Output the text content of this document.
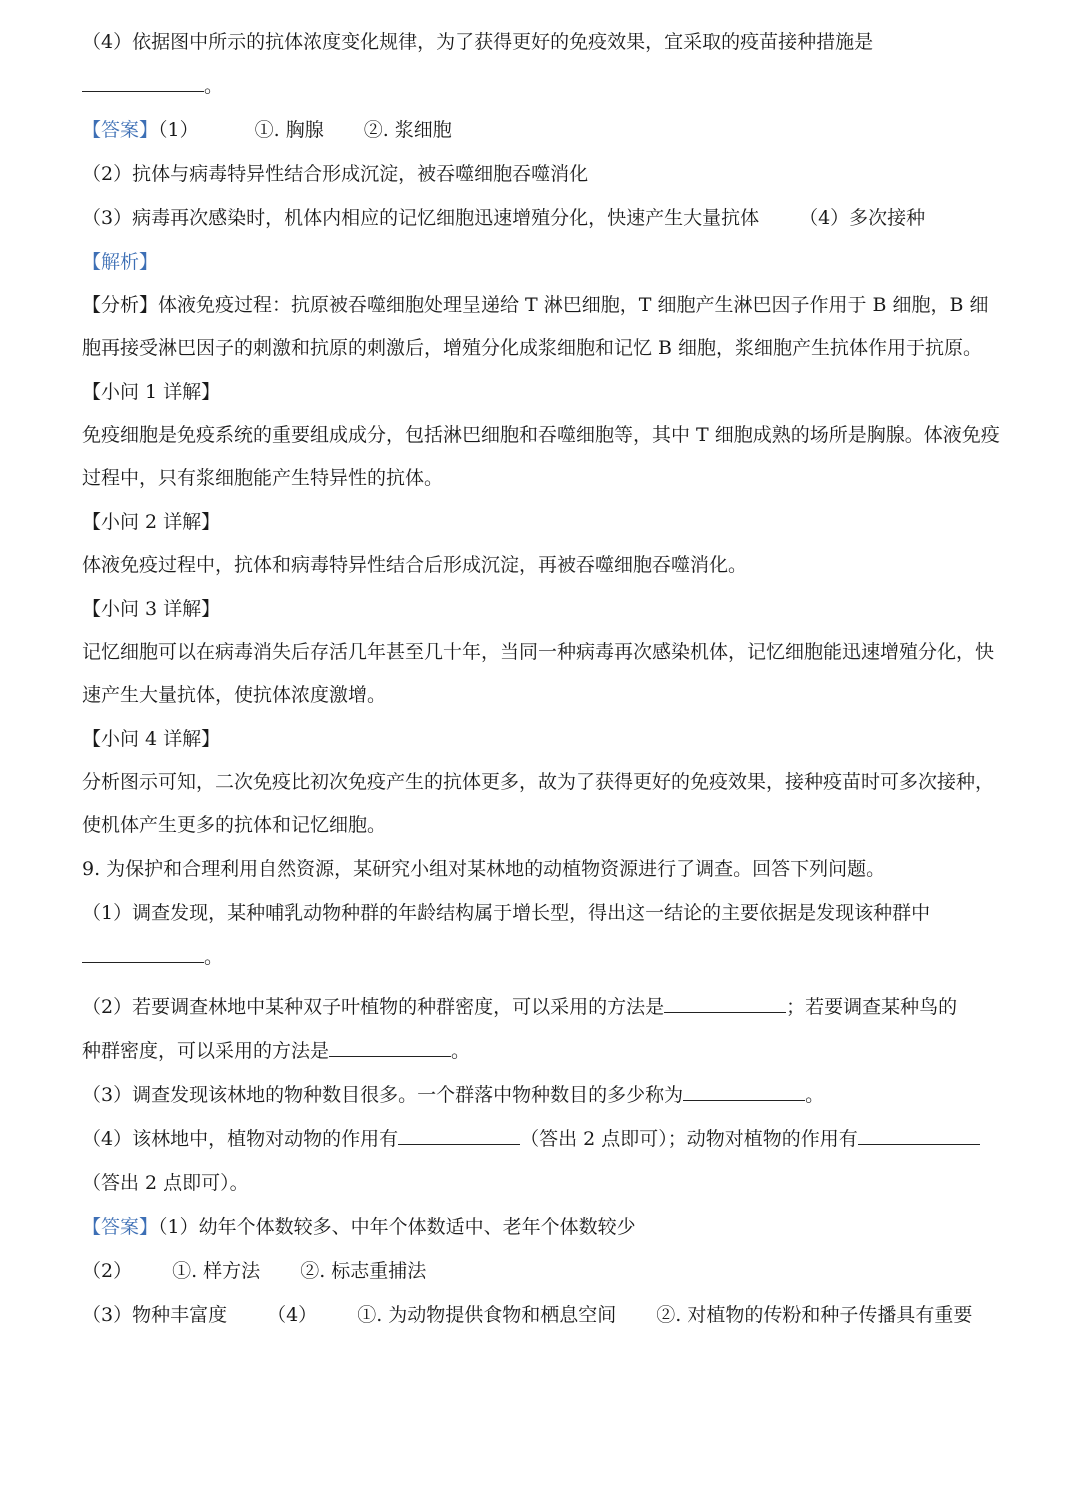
（4）依据图中所示的抗体浓度变化规律，为了获得更好的免疫效果，宜采取的疫苗接种措施是
。
【答案】（1）	①. 胸腺 ②. 浆细胞
（2）抗体与病毒特异性结合形成沉淀，被吞噬细胞吞噬消化
（3）病毒再次感染时，机体内相应的记忆细胞迅速增殖分化，快速产生大量抗体 （4）多次接种
【解析】
【分析】体液免疫过程：抗原被吞噬细胞处理呈递给 T 淋巴细胞，T 细胞产生淋巴因子作用于 B 细胞，B 细胞再接受淋巴因子的刺激和抗原的刺激后，增殖分化成浆细胞和记忆 B 细胞，浆细胞产生抗体作用于抗原。
【小问 1 详解】
免疫细胞是免疫系统的重要组成成分，包括淋巴细胞和吞噬细胞等，其中 T 细胞成熟的场所是胸腺。体液免疫过程中，只有浆细胞能产生特异性的抗体。
【小问 2 详解】
体液免疫过程中，抗体和病毒特异性结合后形成沉淀，再被吞噬细胞吞噬消化。
【小问 3 详解】
记忆细胞可以在病毒消失后存活几年甚至几十年，当同一种病毒再次感染机体，记忆细胞能迅速增殖分化，快速产生大量抗体，使抗体浓度激增。
【小问 4 详解】
分析图示可知，二次免疫比初次免疫产生的抗体更多，故为了获得更好的免疫效果，接种疫苗时可多次接种，使机体产生更多的抗体和记忆细胞。
9. 为保护和合理利用自然资源，某研究小组对某林地的动植物资源进行了调查。回答下列问题。
（1）调查发现，某种哺乳动物种群的年龄结构属于增长型，得出这一结论的主要依据是发现该种群中
。
（2）若要调查林地中某种双子叶植物的种群密度，可以采用的方法是	；若要调查某种鸟的
种群密度，可以采用的方法是	。
（3）调查发现该林地的物种数目很多。一个群落中物种数目的多少称为	。
（4）该林地中，植物对动物的作用有	（答出 2 点即可）；动物对植物的作用有
（答出 2 点即可）。
【答案】（1）幼年个体数较多、中年个体数适中、老年个体数较少
（2） ①. 样方法 ②. 标志重捕法
（3）物种丰富度 （4） ①. 为动物提供食物和栖息空间 ②. 对植物的传粉和种子传播具有重要
